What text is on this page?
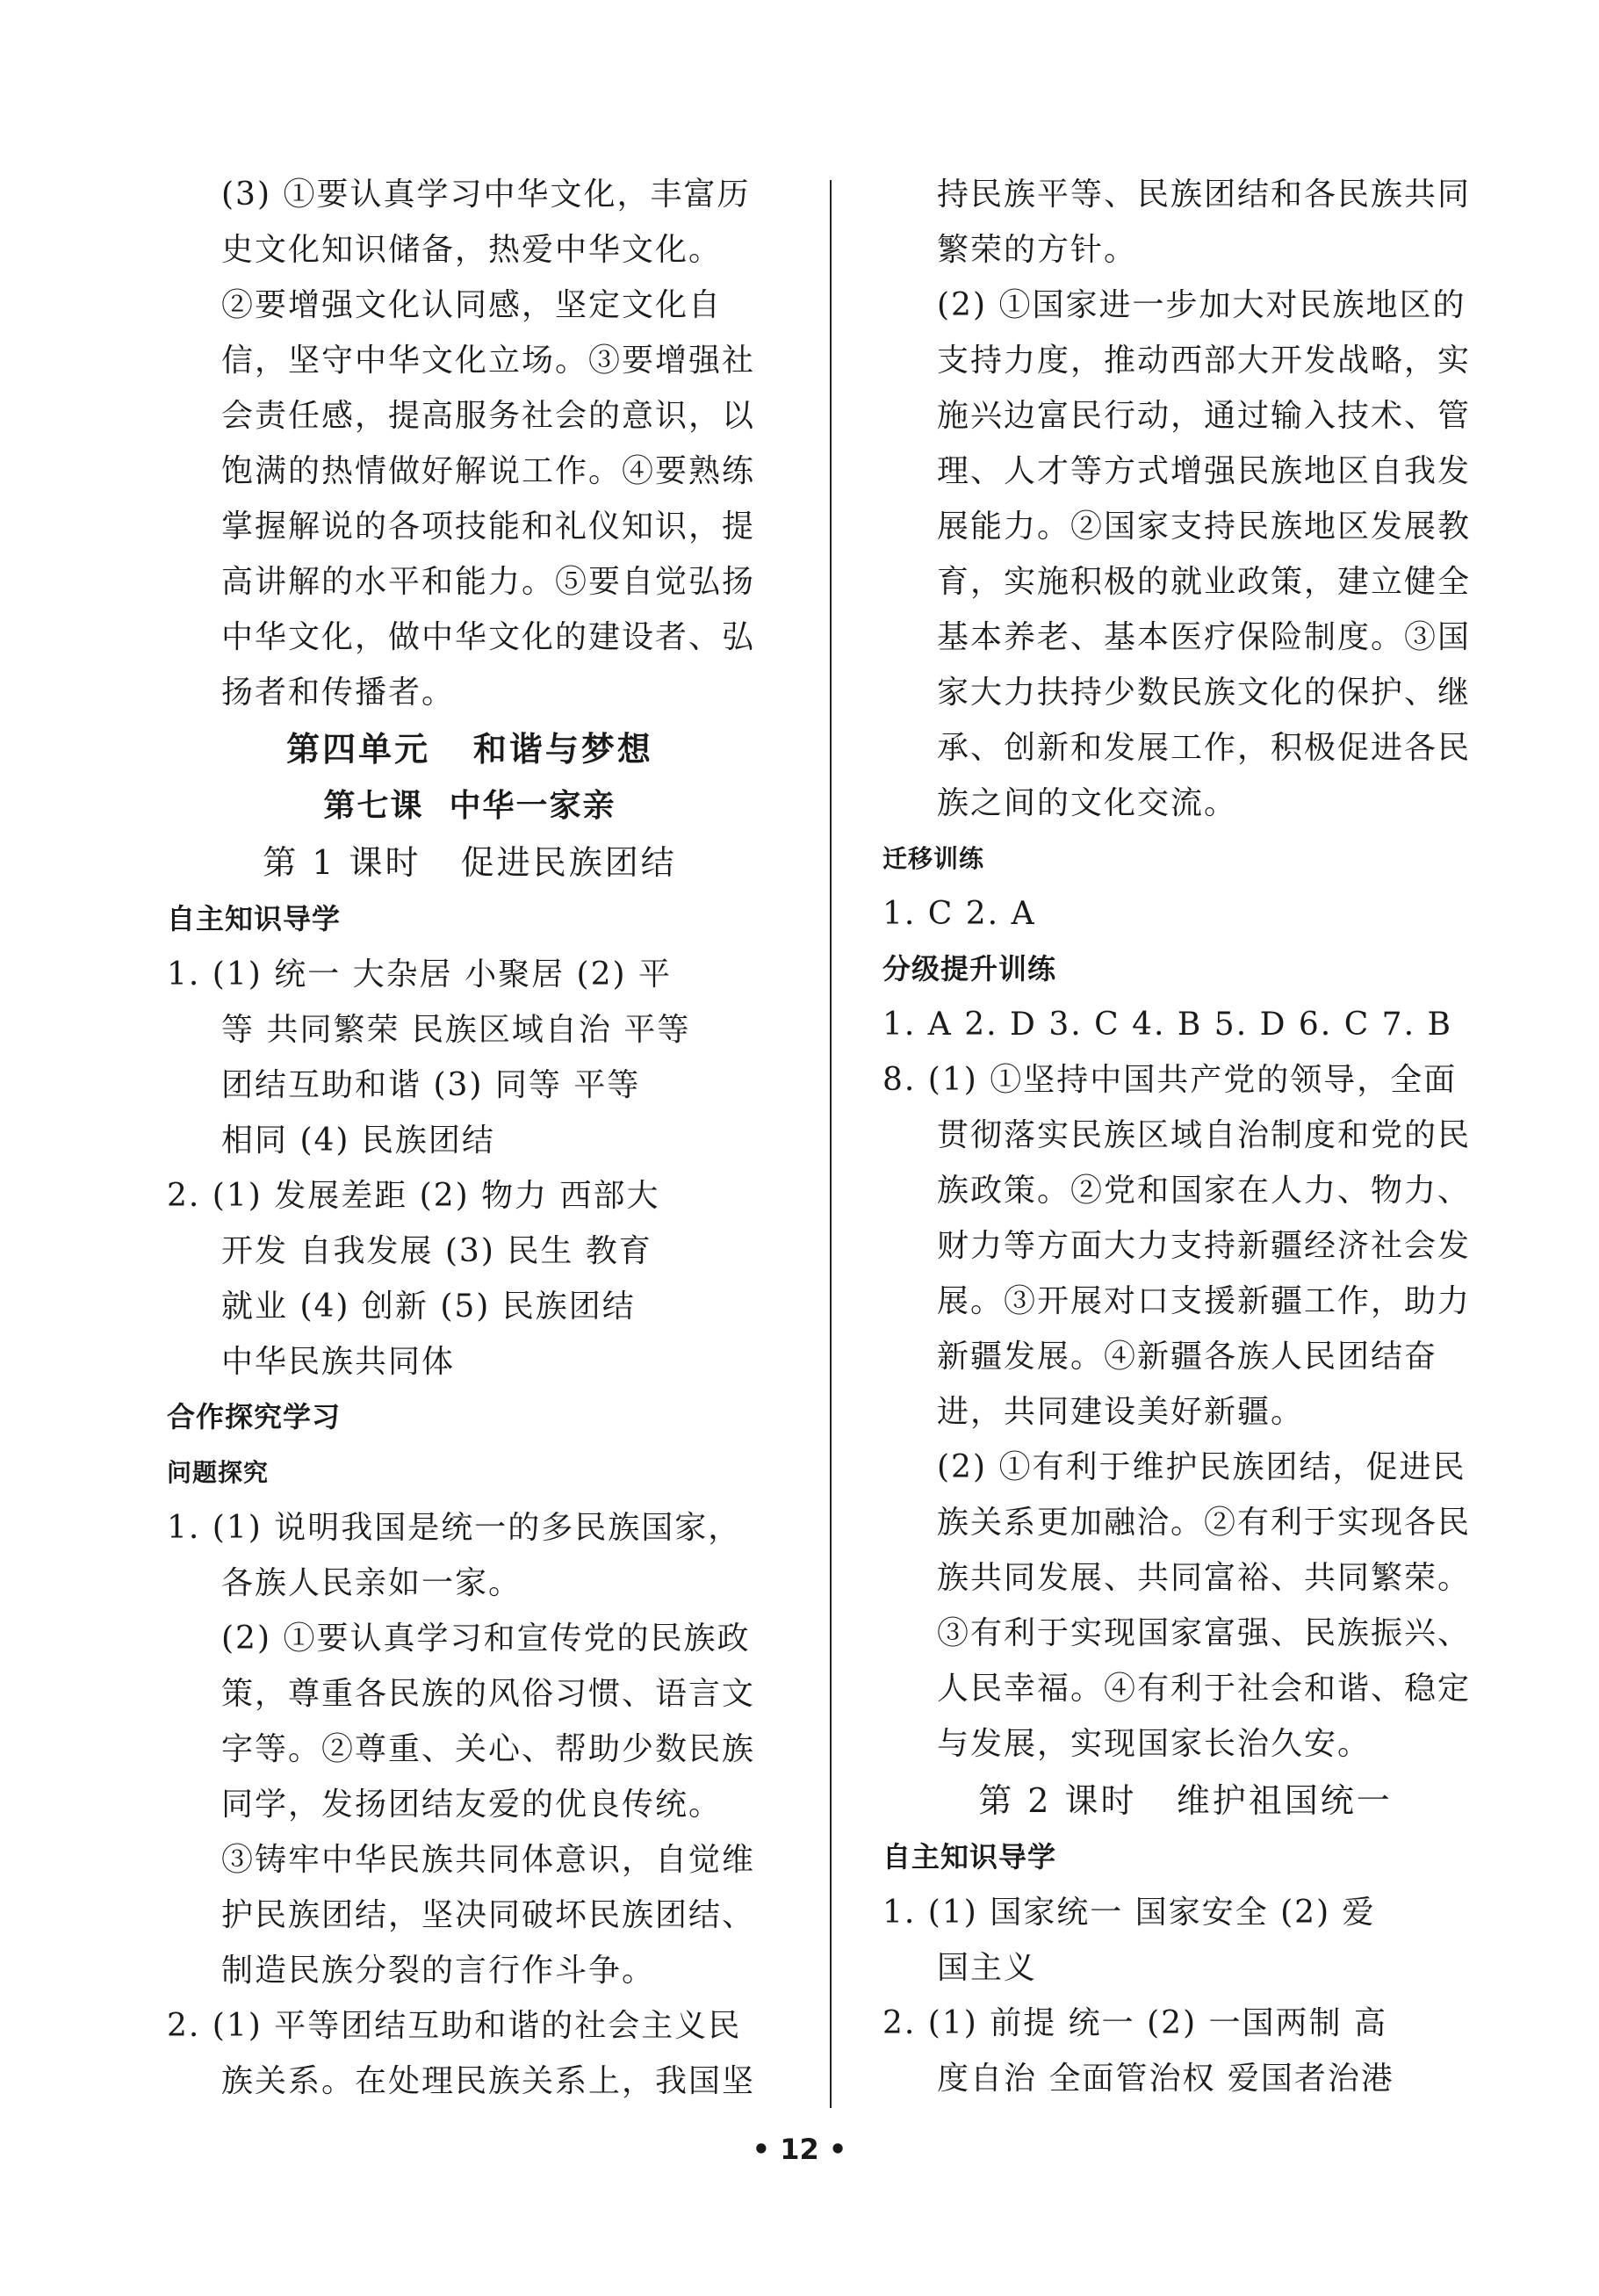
(3) ①要认真学习中华文化，丰富历
史文化知识储备，热爱中华文化。
②要增强文化认同感，坚定文化自
信，坚守中华文化立场。③要增强社
会责任感，提高服务社会的意识，以
饱满的热情做好解说工作。④要熟练
掌握解说的各项技能和礼仪知识，提
高讲解的水平和能力。⑤要自觉弘扬
中华文化，做中华文化的建设者、弘
扬者和传播者。
第四单元   和谐与梦想
第七课  中华一家亲
第 1 课时   促进民族团结
自主知识导学
1. (1) 统一 大杂居 小聚居 (2) 平
等 共同繁荣 民族区域自治 平等
团结互助和谐 (3) 同等 平等
相同 (4) 民族团结
2. (1) 发展差距 (2) 物力 西部大
开发 自我发展 (3) 民生 教育
就业 (4) 创新 (5) 民族团结
中华民族共同体
合作探究学习
问题探究
1. (1) 说明我国是统一的多民族国家，
各族人民亲如一家。
(2) ①要认真学习和宣传党的民族政
策，尊重各民族的风俗习惯、语言文
字等。②尊重、关心、帮助少数民族
同学，发扬团结友爱的优良传统。
③铸牢中华民族共同体意识，自觉维
护民族团结，坚决同破坏民族团结、
制造民族分裂的言行作斗争。
2. (1) 平等团结互助和谐的社会主义民
族关系。在处理民族关系上，我国坚
持民族平等、民族团结和各民族共同
繁荣的方针。
(2) ①国家进一步加大对民族地区的
支持力度，推动西部大开发战略，实
施兴边富民行动，通过输入技术、管
理、人才等方式增强民族地区自我发
展能力。②国家支持民族地区发展教
育，实施积极的就业政策，建立健全
基本养老、基本医疗保险制度。③国
家大力扶持少数民族文化的保护、继
承、创新和发展工作，积极促进各民
族之间的文化交流。
迁移训练
1. C 2. A
分级提升训练
1. A 2. D 3. C 4. B 5. D 6. C 7. B
8. (1) ①坚持中国共产党的领导，全面
贯彻落实民族区域自治制度和党的民
族政策。②党和国家在人力、物力、
财力等方面大力支持新疆经济社会发
展。③开展对口支援新疆工作，助力
新疆发展。④新疆各族人民团结奋
进，共同建设美好新疆。
(2) ①有利于维护民族团结，促进民
族关系更加融洽。②有利于实现各民
族共同发展、共同富裕、共同繁荣。
③有利于实现国家富强、民族振兴、
人民幸福。④有利于社会和谐、稳定
与发展，实现国家长治久安。
第 2 课时   维护祖国统一
自主知识导学
1. (1) 国家统一 国家安全 (2) 爱
国主义
2. (1) 前提 统一 (2) 一国两制 高
度自治 全面管治权 爱国者治港
• 12 •
